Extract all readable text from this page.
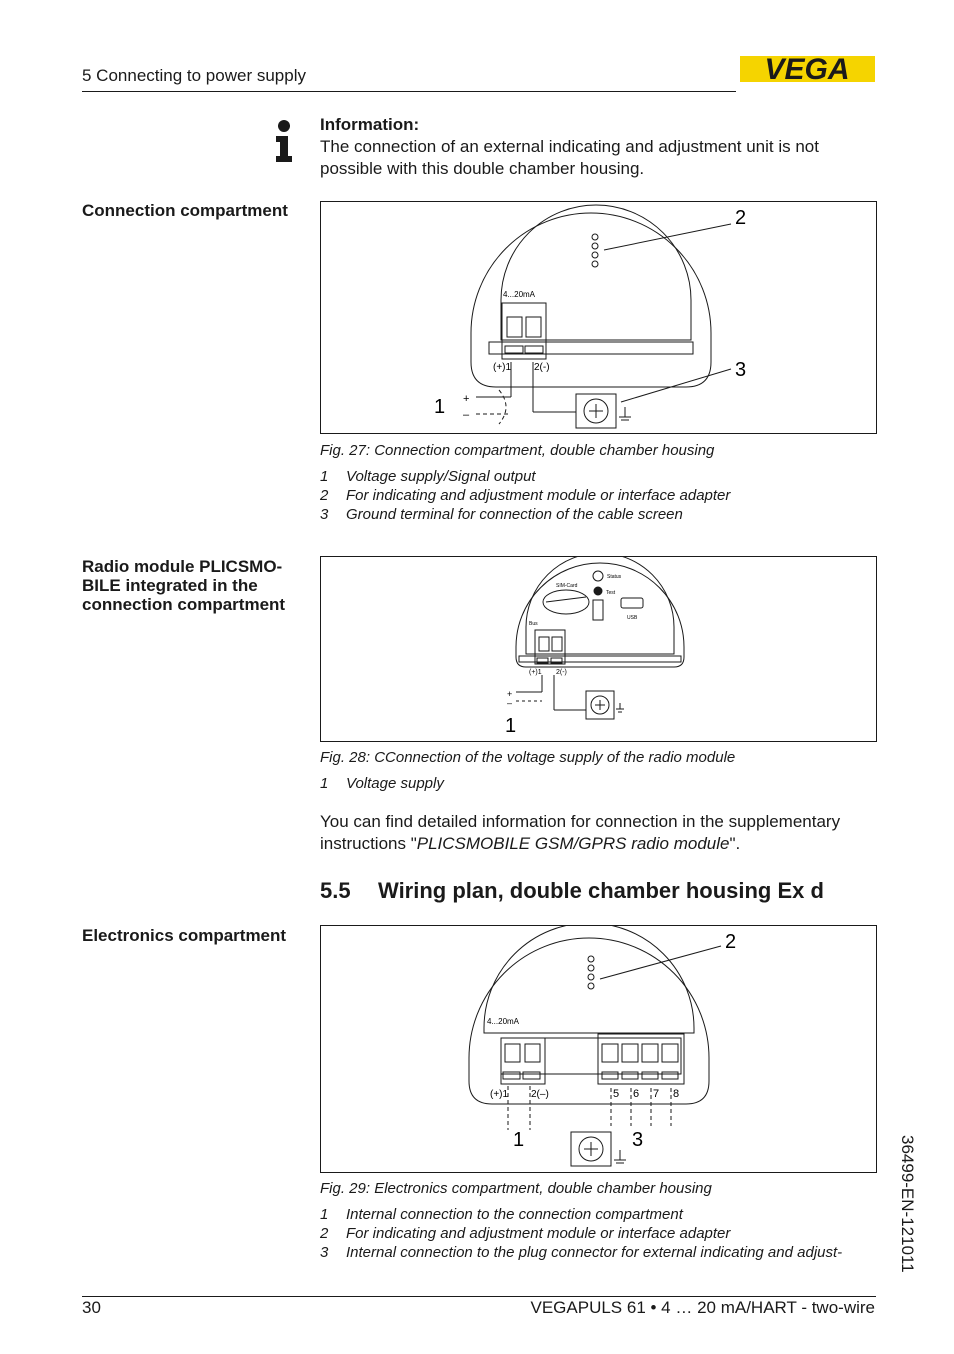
5 Connecting to power supply	VEGA
Information:
The connection of an external indicating and adjustment unit is not possible with this double chamber housing.
Connection compartment
4...20mA
(+)1 2(-)
+
–
1
2
3
Fig. 27: Connection compartment, double chamber housing
1	Voltage supply/Signal output
2	For indicating and adjustment module or interface adapter
3	Ground terminal for connection of the cable screen
Radio module PLICSMO-BILE integrated in the connection compartment
Status
SIM-Card
Test
USB
Bus
(+)1 2(-)
+
–
1
Fig. 28: CConnection of the voltage supply of the radio module
1	Voltage supply
You can find detailed information for connection in the supplementary instructions "PLICSMOBILE GSM/GPRS radio module".
5.5 Wiring plan, double chamber housing Ex d
Electronics compartment
4...20mA
(+)1 2(–)	5 6 7 8
1
2
3
Fig. 29: Electronics compartment, double chamber housing
1	Internal connection to the connection compartment
2	For indicating and adjustment module or interface adapter
3	Internal connection to the plug connector for external indicating and adjust-	36499-EN-121011
30	VEGAPULS 61 • 4 … 20 mA/HART - two-wire
